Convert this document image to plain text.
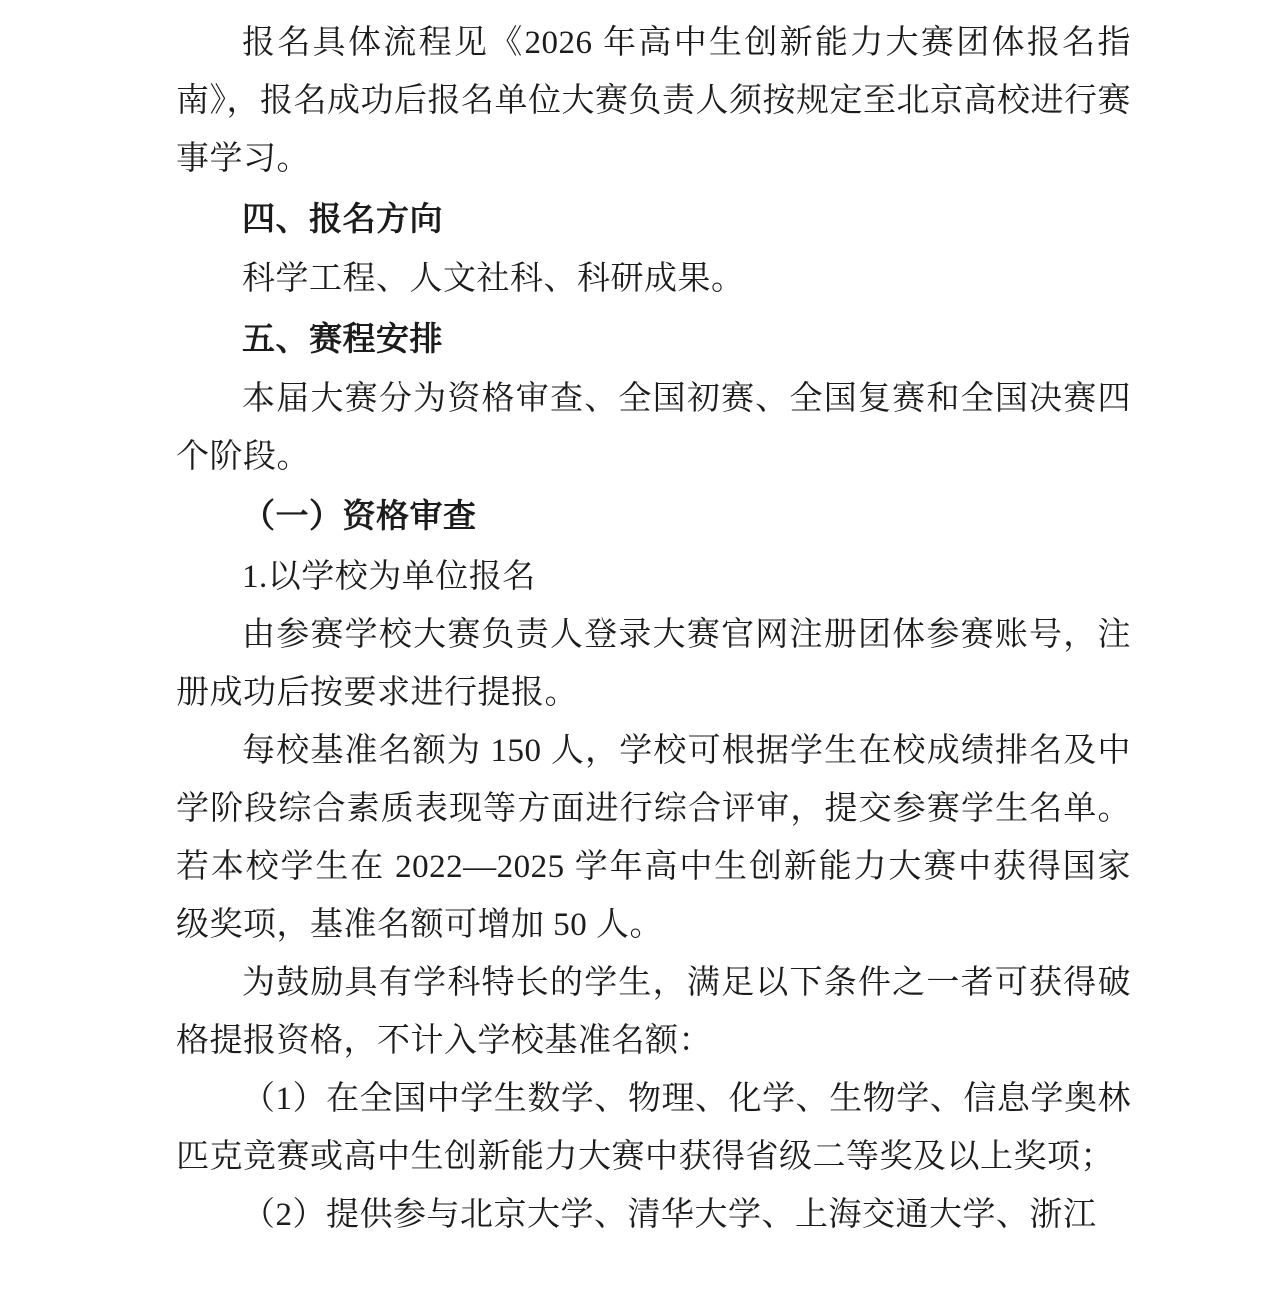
报名具体流程见《2026 年高中生创新能力大赛团体报名指南》，报名成功后报名单位大赛负责人须按规定至北京高校进行赛事学习。

四、报名方向

科学工程、人文社科、科研成果。

五、赛程安排

本届大赛分为资格审查、全国初赛、全国复赛和全国决赛四个阶段。

（一）资格审查

1.以学校为单位报名

由参赛学校大赛负责人登录大赛官网注册团体参赛账号，注册成功后按要求进行提报。

每校基准名额为 150 人，学校可根据学生在校成绩排名及中学阶段综合素质表现等方面进行综合评审，提交参赛学生名单。若本校学生在 2022—2025 学年高中生创新能力大赛中获得国家级奖项，基准名额可增加 50 人。

为鼓励具有学科特长的学生，满足以下条件之一者可获得破格提报资格，不计入学校基准名额：

（1）在全国中学生数学、物理、化学、生物学、信息学奥林匹克竞赛或高中生创新能力大赛中获得省级二等奖及以上奖项；

（2）提供参与北京大学、清华大学、上海交通大学、浙江
